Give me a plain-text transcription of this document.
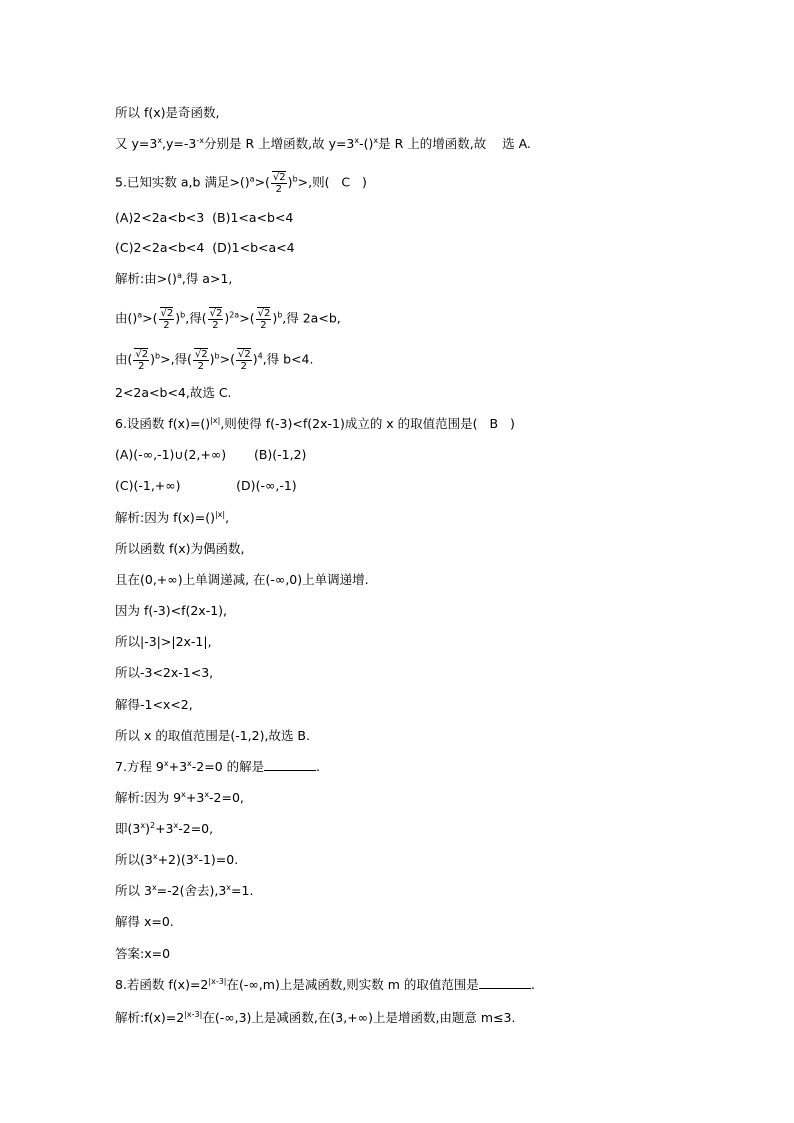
所以 f(x)是奇函数,
又 $y=3^x,y=-3^{-x}$分别是 R 上增函数,故 $y=3^x-()^x$是 R 上的增函数,故    选 A.
5.已知实数 a,b 满足$>()^a>( \frac{√2}{2} )^b>$,则(   C   )
(A)2<2a<b<3  (B)1<a<b<4
(C)2<2a<b<4  (D)1<b<a<4
解析:由>()$^a$,得 a>1,
由$()^a>( \frac{√2}{2} )^b$,得( $\frac{√2}{2} )^{2a}>( \frac{√2}{2} )^b$,得 2a<b,
由( $\frac{√2}{2} )^b>$,得( $\frac{√2}{2} )^b>( \frac{√2}{2} )^4$,得 b<4.
2<2a<b<4,故选 C.
6.设函数 f(x)=()$^{|x|}$,则使得 f(-3)<f(2x-1)成立的 x 的取值范围是(   B   )
(A)(-∞,-1)∪(2,+∞)       (B)(-1,2)
(C)(-1,+∞)              (D)(-∞,-1)
解析:因为 f(x)=()$^{|x|}$,
所以函数 f(x)为偶函数,
且在(0,+∞)上单调递减, 在(-∞,0)上单调递增.
因为 f(-3)<f(2x-1),
所以|-3|>|2x-1|,
所以-3<2x-1<3,
解得-1<x<2,
所以 x 的取值范围是(-1,2),故选 B.
7.方程 $9^x+3^x-2=0$ 的解是	.
解析:因为 $9^x+3^x-2=0$,
即$(3^x)^2+3^x-2=0$,
所以$(3^x+2)(3^x-1)=0$.
所以 $3^x=-2$(舍去)$,3^x=1$.
解得 x=0.
答案:x=0
8.若函数 $f(x)=2^{|x-3|}$在(-∞,m)上是减函数,则实数 m 的取值范围是	.
解析$:f(x)=2^{|x-3|}$在(-∞,3)上是减函数,在(3,+∞)上是增函数,由题意 m≤3.
